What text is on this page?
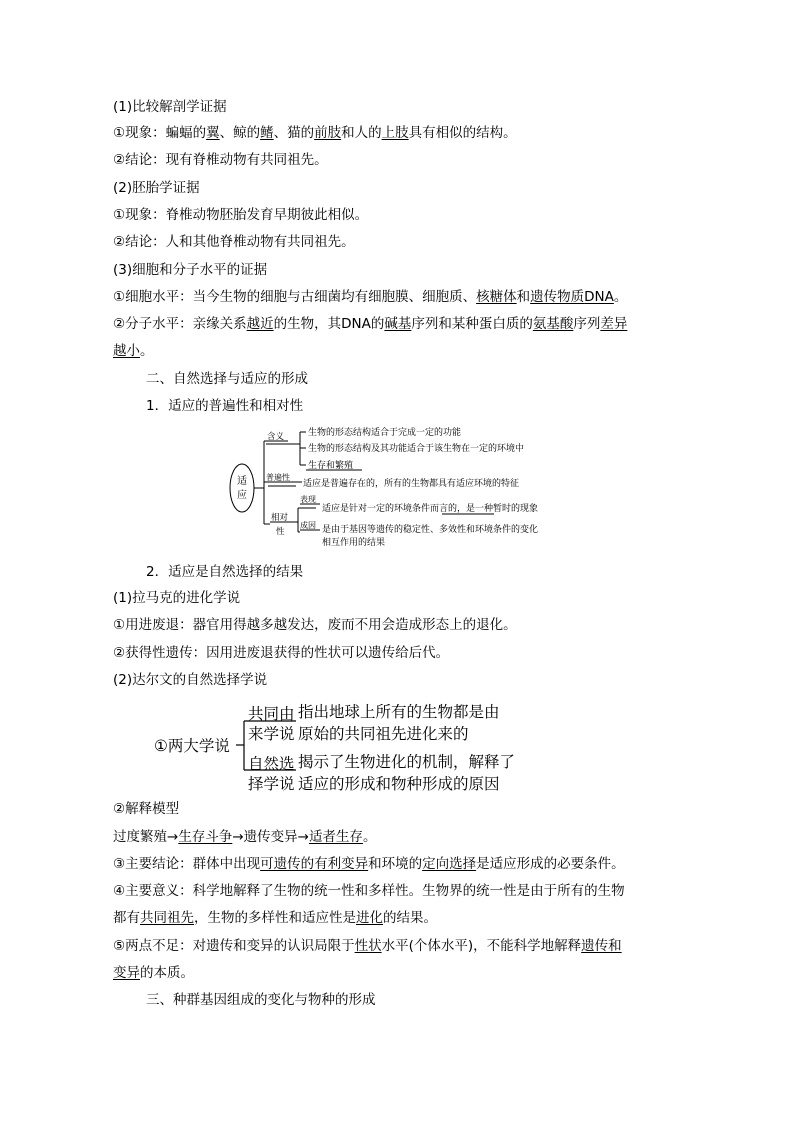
(1)比较解剖学证据
①现象：蝙蝠的翼、鲸的鳍、猫的前肢和人的上肢具有相似的结构。
②结论：现有脊椎动物有共同祖先。
(2)胚胎学证据
①现象：脊椎动物胚胎发育早期彼此相似。
②结论：人和其他脊椎动物有共同祖先。
(3)细胞和分子水平的证据
①细胞水平：当今生物的细胞与古细菌均有细胞膜、细胞质、核糖体和遗传物质DNA。
②分子水平：亲缘关系越近的生物，其DNA的碱基序列和某种蛋白质的氨基酸序列差异
越小。
二、自然选择与适应的形成
1．适应的普遍性和相对性
适
应
含义	生物的形态结构适合于完成一定的功能
生物的形态结构及其功能适合于该生物在一定的环境中
生存和繁殖
普遍性
适应是普遍存在的，所有的生物都具有适应环境的特征
相对
性
表现
适应是针对一定的环境条件而言的，是一种暂时的现象
成因 是由于基因等遗传的稳定性、多效性和环境条件的变化
相互作用的结果
2．适应是自然选择的结果
(1)拉马克的进化学说
①用进废退：器官用得越多越发达，废而不用会造成形态上的退化。
②获得性遗传：因用进废退获得的性状可以遗传给后代。
(2)达尔文的自然选择学说
①两大学说
共同由
来学说
指出地球上所有的生物都是由
原始的共同祖先进化来的
自然选
择学说
揭示了生物进化的机制，解释了
适应的形成和物种形成的原因
②解释模型
过度繁殖→生存斗争→遗传变异→适者生存。
③主要结论：群体中出现可遗传的有利变异和环境的定向选择是适应形成的必要条件。
④主要意义：科学地解释了生物的统一性和多样性。生物界的统一性是由于所有的生物
都有共同祖先，生物的多样性和适应性是进化的结果。
⑤两点不足：对遗传和变异的认识局限于性状水平(个体水平)，不能科学地解释遗传和
变异的本质。
三、种群基因组成的变化与物种的形成
